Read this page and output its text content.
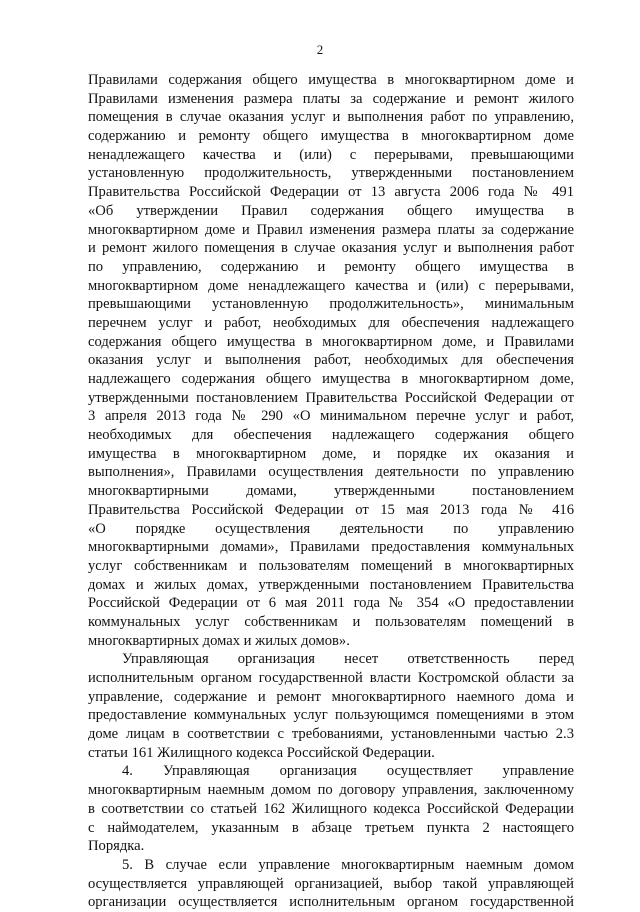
2
Правилами содержания общего имущества в многоквартирном доме и
Правилами изменения размера платы за содержание и ремонт жилого
помещения в случае оказания услуг и выполнения работ по управлению,
содержанию и ремонту общего имущества в многоквартирном доме
ненадлежащего качества и (или) с перерывами, превышающими
установленную продолжительность, утвержденными постановлением
Правительства Российской Федерации от 13 августа 2006 года № 491
«Об утверждении Правил содержания общего имущества в
многоквартирном доме и Правил изменения размера платы за содержание
и ремонт жилого помещения в случае оказания услуг и выполнения работ
по управлению, содержанию и ремонту общего имущества в
многоквартирном доме ненадлежащего качества и (или) с перерывами,
превышающими установленную продолжительность», минимальным
перечнем услуг и работ, необходимых для обеспечения надлежащего
содержания общего имущества в многоквартирном доме, и Правилами
оказания услуг и выполнения работ, необходимых для обеспечения
надлежащего содержания общего имущества в многоквартирном доме,
утвержденными постановлением Правительства Российской Федерации от
3 апреля 2013 года № 290 «О минимальном перечне услуг и работ,
необходимых для обеспечения надлежащего содержания общего
имущества в многоквартирном доме, и порядке их оказания и
выполнения», Правилами осуществления деятельности по управлению
многоквартирными домами, утвержденными постановлением
Правительства Российской Федерации от 15 мая 2013 года № 416
«О порядке осуществления деятельности по управлению
многоквартирными домами», Правилами предоставления коммунальных
услуг собственникам и пользователям помещений в многоквартирных
домах и жилых домах, утвержденными постановлением Правительства
Российской Федерации от 6 мая 2011 года № 354 «О предоставлении
коммунальных услуг собственникам и пользователям помещений в
многоквартирных домах и жилых домов».
Управляющая организация несет ответственность перед
исполнительным органом государственной власти Костромской области за
управление, содержание и ремонт многоквартирного наемного дома и
предоставление коммунальных услуг пользующимся помещениями в этом
доме лицам в соответствии с требованиями, установленными частью 2.3
статьи 161 Жилищного кодекса Российской Федерации.
4. Управляющая организация осуществляет управление
многоквартирным наемным домом по договору управления, заключенному
в соответствии со статьей 162 Жилищного кодекса Российской Федерации
с наймодателем, указанным в абзаце третьем пункта 2 настоящего
Порядка.
5. В случае если управление многоквартирным наемным домом
осуществляется управляющей организацией, выбор такой управляющей
организации осуществляется исполнительным органом государственной
